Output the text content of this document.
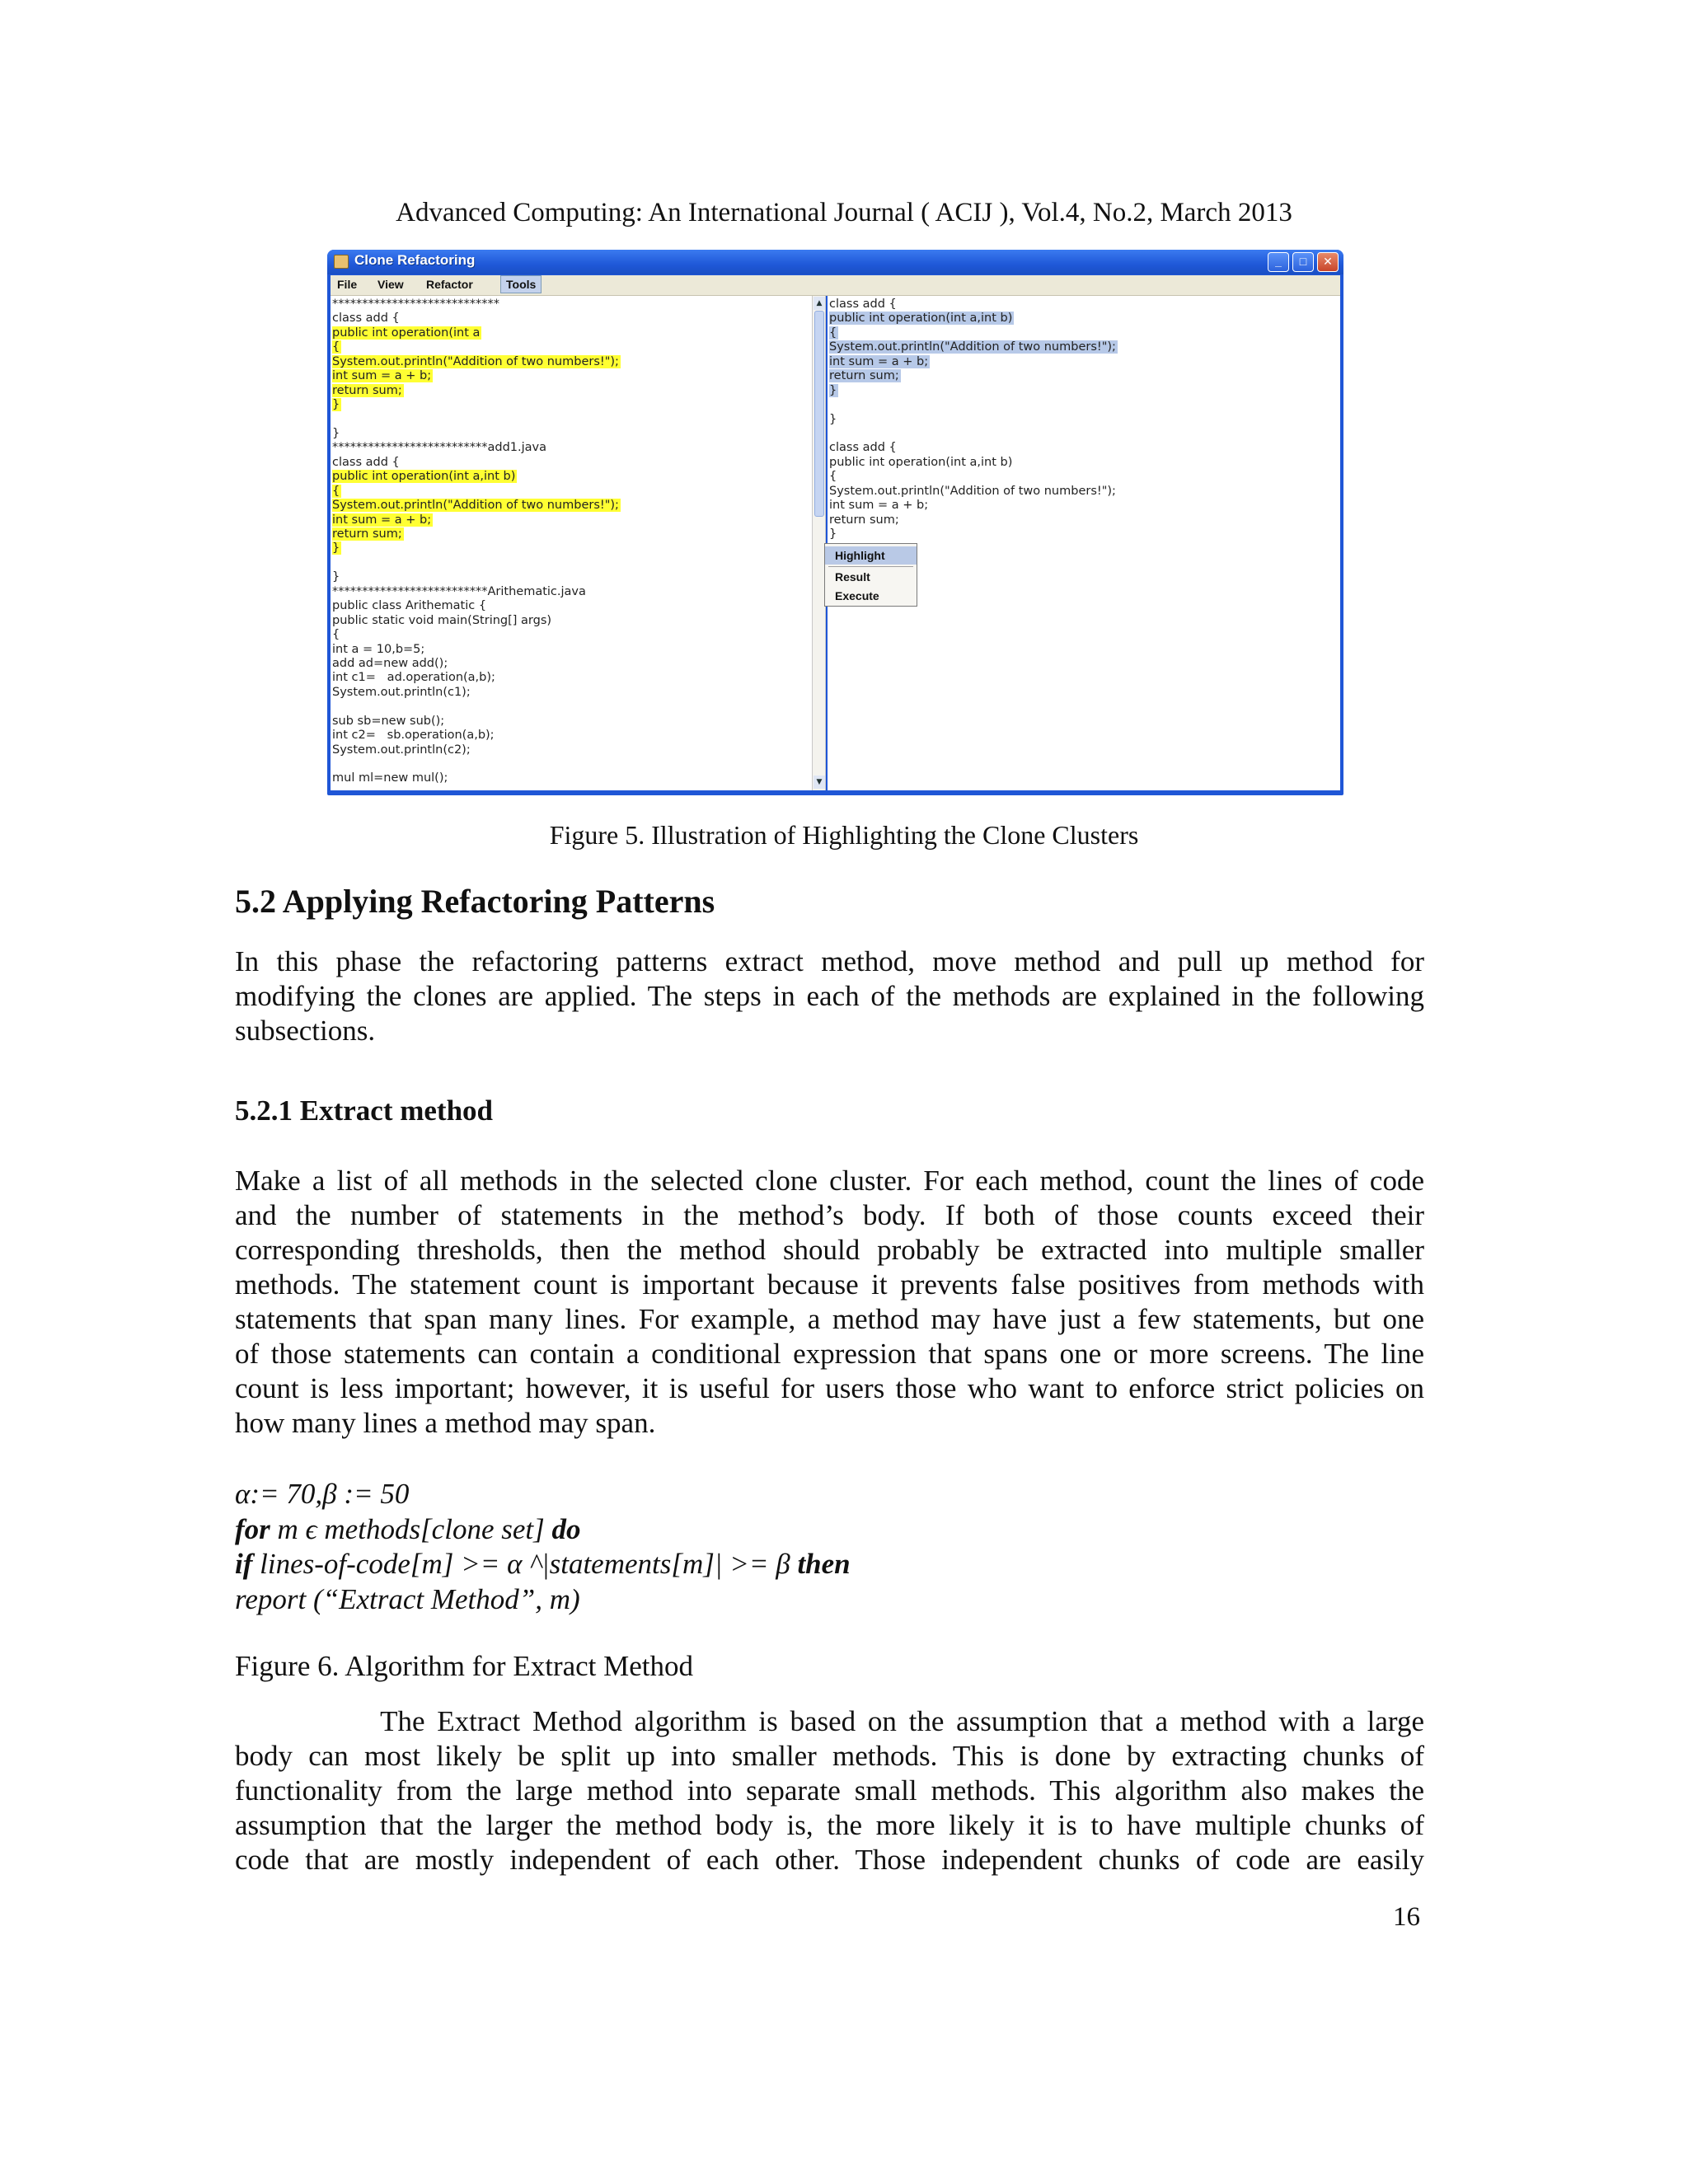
Advanced Computing: An International Journal ( ACIJ ), Vol.4, No.2, March 2013
Clone Refactoring	_	□	✕
File View Refactor	Tools
****************************
class add {
public int operation(int a
{
System.out.println("Addition of two numbers!");
int sum = a + b;
return sum;
}
}
**************************add1.java
class add {
public int operation(int a,int b)
{
System.out.println("Addition of two numbers!");
int sum = a + b;
return sum;
}
}
**************************Arithematic.java
public class Arithematic {
public static void main(String[] args)
{
int a = 10,b=5;
add ad=new add();
int c1=   ad.operation(a,b);
System.out.println(c1);
sub sb=new sub();
int c2=   sb.operation(a,b);
System.out.println(c2);
mul ml=new mul();
▲
▼
class add {
public int operation(int a,int b)
{
System.out.println("Addition of two numbers!");
int sum = a + b;
return sum;
}
}
class add {
public int operation(int a,int b)
{
System.out.println("Addition of two numbers!");
int sum = a + b;
return sum;
}
Highlight
Result
Execute
Figure 5. Illustration of Highlighting the Clone Clusters
5.2 Applying Refactoring Patterns

In this phase the refactoring patterns extract method, move method and pull up method for
modifying the clones are applied. The steps in each of the methods are explained in the following
subsections.

5.2.1 Extract method

Make a list of all methods in the selected clone cluster. For each method, count the lines of code
and the number of statements in the method’s body. If both of those counts exceed their
corresponding thresholds, then the method should probably be extracted into multiple smaller
methods. The statement count is important because it prevents false positives from methods with
statements that span many lines. For example, a method may have just a few statements, but one
of those statements can contain a conditional expression that spans one or more screens. The line
count is less important; however, it is useful for users those who want to enforce strict policies on
how many lines a method may span.

α:= 70,β := 50
for m ϵ methods[clone set] do
if lines-of-code[m] >= α ^|statements[m]| >= β then
report (“Extract Method”, m)
Figure 6. Algorithm for Extract Method

The Extract Method algorithm is based on the assumption that a method with a large
body can most likely be split up into smaller methods. This is done by extracting chunks of
functionality from the large method into separate small methods. This algorithm also makes the
assumption that the larger the method body is, the more likely it is to have multiple chunks of
code that are mostly independent of each other. Those independent chunks of code are easily

16
